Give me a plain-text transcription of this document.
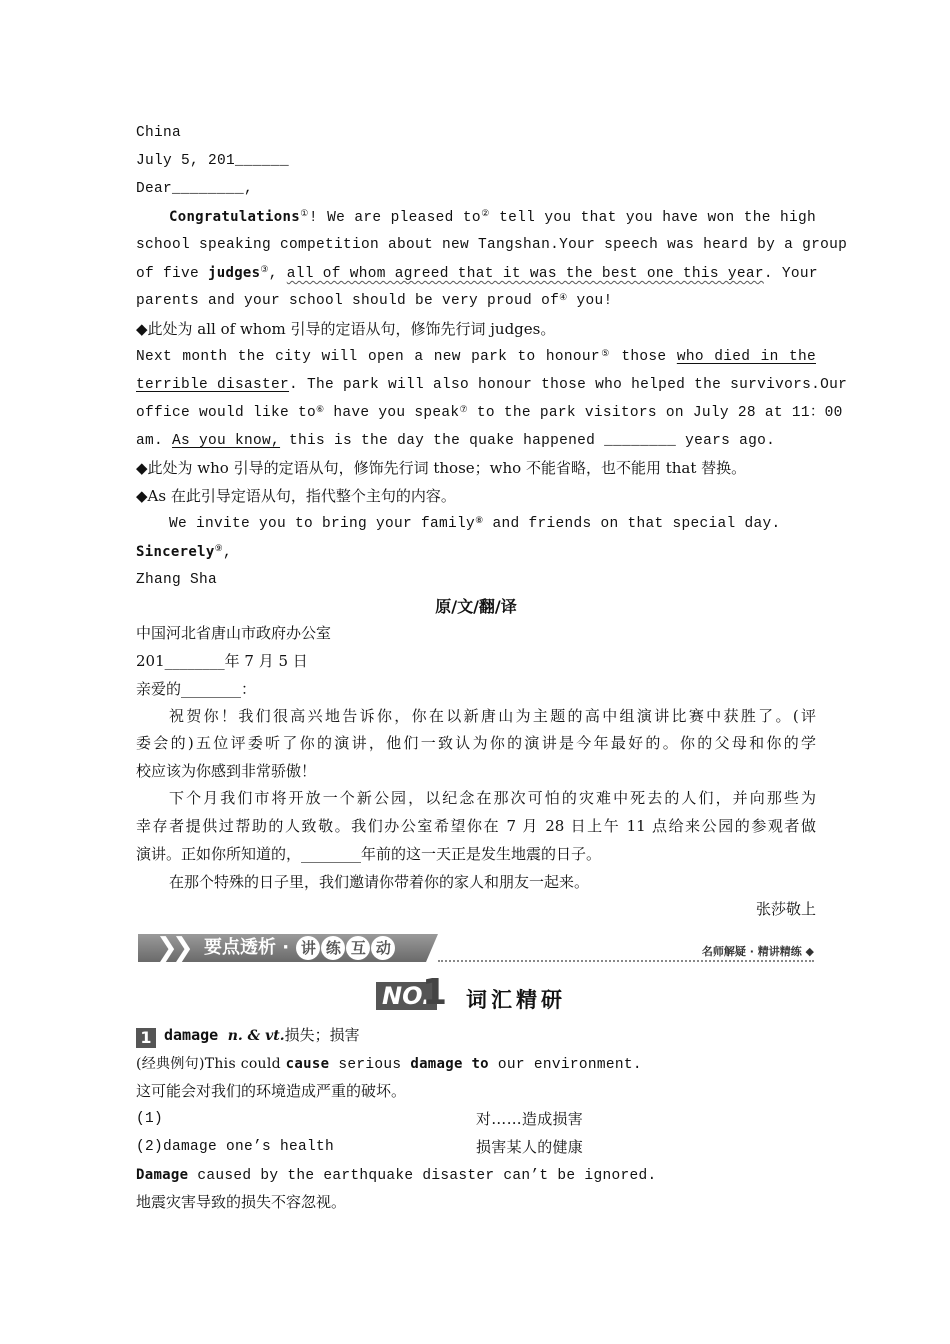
China
July 5, 201______
Dear________,
Congratulations①! We are pleased to② tell you that you have won the high
school speaking competition about new Tangshan.Your speech was heard by a group
of five judges③, all of whom agreed that it was the best one this year. Your
parents and your school should be very proud of④ you!
◆此处为 all of whom 引导的定语从句，修饰先行词 judges。
Next month the city will open a new park to honour⑤ those who died in the
terrible disaster. The park will also honour those who helped the survivors.Our
office would like to⑥ have you speak⑦ to the park visitors on July 28 at 11：00
am. As you know, this is the day the quake happened ________ years ago.
◆此处为 who 引导的定语从句，修饰先行词 those；who 不能省略，也不能用 that 替换。
◆As 在此引导定语从句，指代整个主句的内容。
We invite you to bring your family⑧ and friends on that special day.
Sincerely⑨,
Zhang Sha
原/文/翻/译
中国河北省唐山市政府办公室
201________年 7 月 5 日
亲爱的________：
祝贺你！我们很高兴地告诉你，你在以新唐山为主题的高中组演讲比赛中获胜了。(评
委会的)五位评委听了你的演讲，他们一致认为你的演讲是今年最好的。你的父母和你的学
校应该为你感到非常骄傲！
下个月我们市将开放一个新公园，以纪念在那次可怕的灾难中死去的人们，并向那些为
幸存者提供过帮助的人致敬。我们办公室希望你在 7 月 28 日上午 11 点给来公园的参观者做
演讲。正如你所知道的，________年前的这一天正是发生地震的日子。
在那个特殊的日子里，我们邀请你带着你的家人和朋友一起来。
张莎敬上
❯
❯ 要点透析 · 讲 练 互 动	名师解疑 · 精讲精练 ◆
NO.
1 词汇精研
1 damage n. & vt.损失；损害
(经典例句)This could cause serious damage to our environment.
这可能会对我们的环境造成严重的破坏。
(1)	对……造成损害
(2)damage one’s health	损害某人的健康
Damage caused by the earthquake disaster can’t be ignored.
地震灾害导致的损失不容忽视。
